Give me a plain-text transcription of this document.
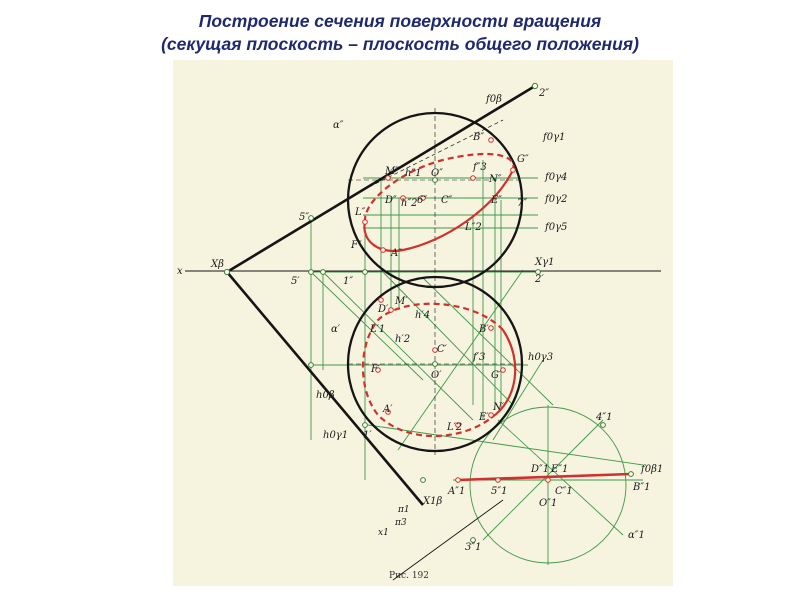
Построение сечения поверхности вращения
(секущая плоскость – плоскость общего положения)
x
Xβ
X1β
α″
α′
α″1
f0β
f0β1
f0γ1
f0γ4
f0γ2
f0γ5
h0β
h0γ1
h0γ3
Xγ1
π1
π3
x1
2″
2′
5″
5′	1″
1′
B″
G″
M″ h″1 O″
f″3
N″
L″
D″ h″2 6″ C″	E″ 7″
F″
A″
L″2
D′
M′
L′1
h′4
h′2
B′
C′
F′
O′
f′3
G′
A′
L′2
E′
N′
4″1
D″1 E″1
A″1	5″1	C″1	B″1
O″1
3″1
Рис. 192
